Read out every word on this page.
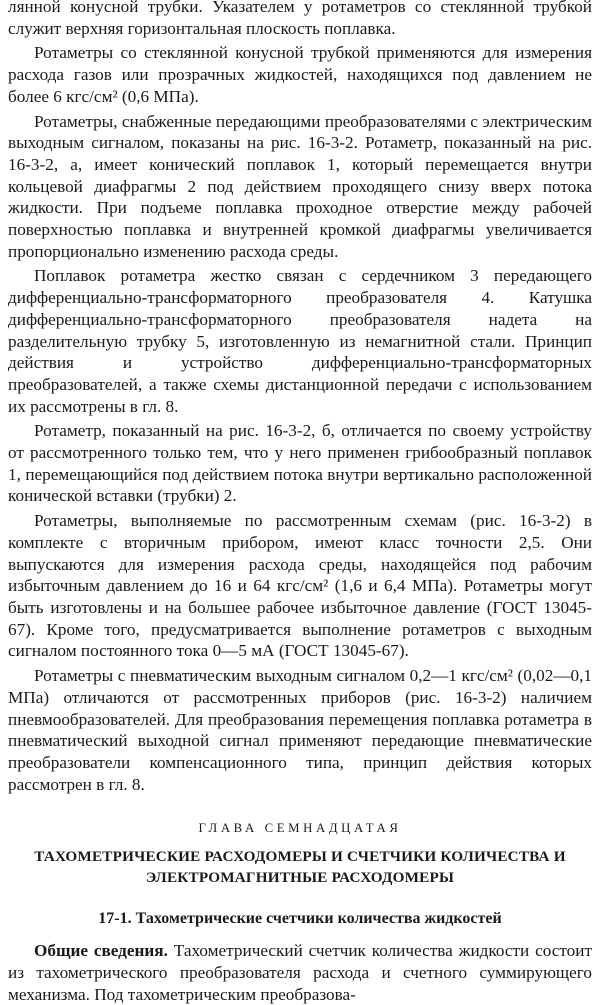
лянной конусной трубки. Указателем у ротаметров со стеклянной трубкой служит верхняя горизонтальная плоскость поплавка.

Ротаметры со стеклянной конусной трубкой применяются для измерения расхода газов или прозрачных жидкостей, находящихся под давлением не более 6 кгс/см² (0,6 МПа).

Ротаметры, снабженные передающими преобразователями с электрическим выходным сигналом, показаны на рис. 16-3-2. Ротаметр, показанный на рис. 16-3-2, а, имеет конический поплавок 1, который перемещается внутри кольцевой диафрагмы 2 под действием проходящего снизу вверх потока жидкости. При подъеме поплавка проходное отверстие между рабочей поверхностью поплавка и внутренней кромкой диафрагмы увеличивается пропорционально изменению расхода среды.

Поплавок ротаметра жестко связан с сердечником 3 передающего дифференциально-трансформаторного преобразователя 4. Катушка дифференциально-трансформаторного преобразователя надета на разделительную трубку 5, изготовленную из немагнитной стали. Принцип действия и устройство дифференциально-трансформаторных преобразователей, а также схемы дистанционной передачи с использованием их рассмотрены в гл. 8.

Ротаметр, показанный на рис. 16-3-2, б, отличается по своему устройству от рассмотренного только тем, что у него применен грибообразный поплавок 1, перемещающийся под действием потока внутри вертикально расположенной конической вставки (трубки) 2.

Ротаметры, выполняемые по рассмотренным схемам (рис. 16-3-2) в комплекте с вторичным прибором, имеют класс точности 2,5. Они выпускаются для измерения расхода среды, находящейся под рабочим избыточным давлением до 16 и 64 кгс/см² (1,6 и 6,4 МПа). Ротаметры могут быть изготовлены и на большее рабочее избыточное давление (ГОСТ 13045-67). Кроме того, предусматривается выполнение ротаметров с выходным сигналом постоянного тока 0—5 мА (ГОСТ 13045-67).

Ротаметры с пневматическим выходным сигналом 0,2—1 кгс/см² (0,02—0,1 МПа) отличаются от рассмотренных приборов (рис. 16-3-2) наличием пневмообразователей. Для преобразования перемещения поплавка ротаметра в пневматический выходной сигнал применяют передающие пневматические преобразователи компенсационного типа, принцип действия которых рассмотрен в гл. 8.

ГЛАВА СЕМНАДЦАТАЯ
ТАХОМЕТРИЧЕСКИЕ РАСХОДОМЕРЫ И СЧЕТЧИКИ КОЛИЧЕСТВА И ЭЛЕКТРОМАГНИТНЫЕ РАСХОДОМЕРЫ
17-1. Тахометрические счетчики количества жидкостей

Общие сведения. Тахометрический счетчик количества жидкости состоит из тахометрического преобразователя расхода и счетного суммирующего механизма. Под тахометрическим преобразова-
